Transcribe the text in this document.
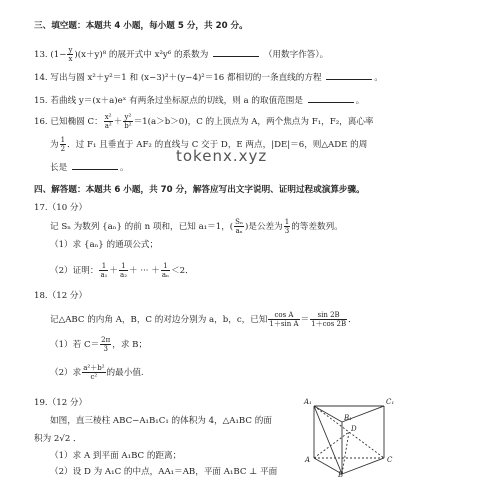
三、填空题：本题共 4 小题，每小题 5 分，共 20 分。
13. $(1- \frac{y}{x} )(x+y)^8$ 的展开式中 x²y⁶ 的系数为	（用数字作答）。
14. 写出与圆 x²＋y²＝1 和 (x−3)²＋(y−4)²＝16 都相切的一条直线的方程	。
15. 若曲线 y＝(x＋a)eˣ 有两条过坐标原点的切线，则 a 的取值范围是	。
16. 已知椭圆 C： $\frac{\text{x²}}{\text{a²}} + \frac{\text{y²}}{\text{b²}} =1(a>b>0)$，C 的上顶点为 A，两个焦点为 F₁，F₂，离心率
为 $\frac{1}{2}$ ．过 F₁ 且垂直于 AF₂ 的直线与 C 交于 D，E 两点，|DE|＝6，则△ADE 的周
长是	。
tokenx.xyz
四、解答题：本题共 6 小题，共 70 分，解答应写出文字说明、证明过程或演算步骤。
17.（10 分）
记 Sₙ 为数列 {aₙ} 的前 n 项和，已知 a₁＝1，( $\frac{\text{Sₙ}}{\text{aₙ}}$ )是公差为 $\frac{1}{3}$ 的等差数列。
（1）求 {aₙ} 的通项公式；
（2）证明： $\frac{1}{\text{a₁}} + \frac{1}{\text{a₂}}$ ＋ ··· ＋ $\frac{1}{\text{aₙ}} <2$．
18.（12 分）
记△ABC 的内角 A，B，C 的对边分别为 a，b，c，已知 $\frac{\text{cos A}}{\text{1＋sin A}} = \frac{\sin 2B}{1+\cos 2B}$ ．
（1）若 $C= \frac{2\pi}{3}$ ，求 B；
（2）求 $\frac{\text{a²＋b²}}{\text{c²}}$ 的最小值.
19.（12 分）
如图，直三棱柱 ABC−A₁B₁C₁ 的体积为 4，△A₁BC 的面
积为 2√2 ．
（1）求 A 到平面 A₁BC 的距离；
（2）设 D 为 A₁C 的中点，AA₁＝AB，平面 A₁BC ⊥ 平面
A₁	C₁
B₁
D
A
B
C
